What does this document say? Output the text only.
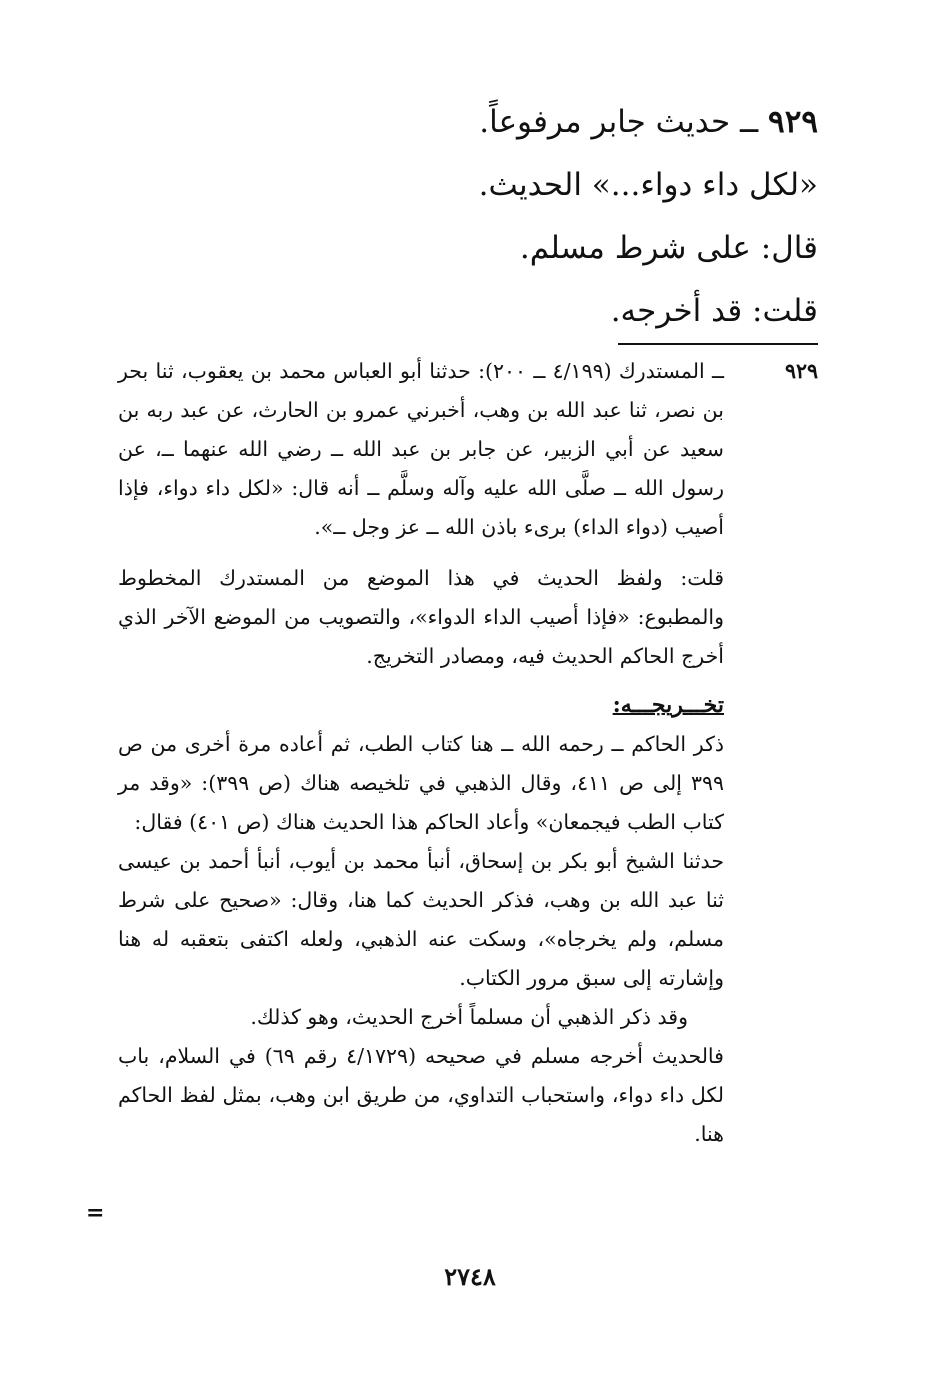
٩٢٩ ــ حديث جابر مرفوعاً.
«لكل داء دواء...» الحديث.
قال: على شرط مسلم.
قلت: قد أخرجه.

٩٢٩
ــ المستدرك (٤/١٩٩ ــ ٢٠٠): حدثنا أبو العباس محمد بن يعقوب، ثنا بحر بن نصر، ثنا عبد الله بن وهب، أخبرني عمرو بن الحارث، عن عبد ربه بن سعيد عن أبي الزبير، عن جابر بن عبد الله ــ رضي الله عنهما ــ، عن رسول الله ــ صلَّى الله عليه وآله وسلَّم ــ أنه قال: «لكل داء دواء، فإذا أصيب (دواء الداء) برىء باذن الله ــ عز وجل ــ».

قلت: ولفظ الحديث في هذا الموضع من المستدرك المخطوط والمطبوع: «فإذا أصيب الداء الدواء»، والتصويب من الموضع الآخر الذي أخرج الحاكم الحديث فيه، ومصادر التخريج.

تخـــريجـــه:

ذكر الحاكم ــ رحمه الله ــ هنا كتاب الطب، ثم أعاده مرة أخرى من ص ٣٩٩ إلى ص ٤١١، وقال الذهبي في تلخيصه هناك (ص ٣٩٩): «وقد مر كتاب الطب فيجمعان» وأعاد الحاكم هذا الحديث هناك (ص ٤٠١) فقال:

حدثنا الشيخ أبو بكر بن إسحاق، أنبأ محمد بن أيوب، أنبأ أحمد بن عيسى ثنا عبد الله بن وهب، فذكر الحديث كما هنا، وقال: «صحيح على شرط مسلم، ولم يخرجاه»، وسكت عنه الذهبي، ولعله اكتفى بتعقبه له هنا وإشارته إلى سبق مرور الكتاب.

وقد ذكر الذهبي أن مسلماً أخرج الحديث، وهو كذلك.

فالحديث أخرجه مسلم في صحيحه (٤/١٧٢٩ رقم ٦٩) في السلام، باب لكل داء دواء، واستحباب التداوي، من طريق ابن وهب، بمثل لفظ الحاكم هنا.

=
٢٧٤٨
